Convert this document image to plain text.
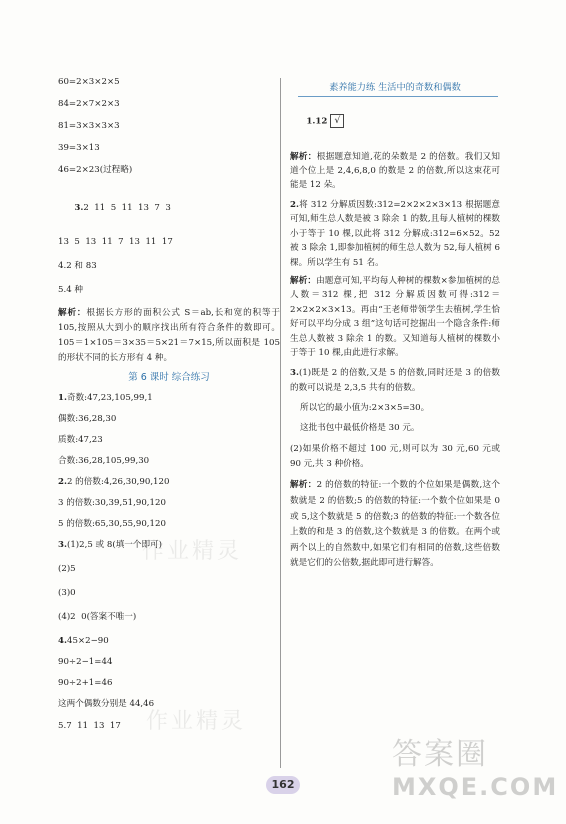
60=2×3×2×5

84=2×7×2×3

81=3×3×3×3

39=3×13

46=2×23(过程略)

3.2  11  5  11  13  7  3

13  5  13  11  7  13  11  17

4.2 和 83

5.4 种

解析：根据长方形的面积公式 S＝ab,长和宽的积等于 105,按照从大到小的顺序找出所有符合条件的数即可。105＝1×105＝3×35＝5×21＝7×15,所以面积是 105 的形状不同的长方形有 4 种。

第 6 课时 综合练习

1.奇数:47,23,105,99,1

偶数:36,28,30

质数:47,23

合数:36,28,105,99,30

2.2 的倍数:4,26,30,90,120

3 的倍数:30,39,51,90,120

5 的倍数:65,30,55,90,120

3.(1)2,5 或 8(填一个即可)

(2)5

(3)0

(4)2  0(答案不唯一)

4.45×2−90

90÷2−1=44

90÷2+1=46

这两个偶数分别是 44,46

5.7  11  13  17

素养能力练 生活中的奇数和偶数

1.12 √

解析：根据题意知道,花的朵数是 2 的倍数。我们又知道个位上是 2,4,6,8,0 的数是 2 的倍数,所以这束花可能是 12 朵。

2.将 312 分解质因数:312=2×2×2×3×13 根据题意可知,师生总人数是被 3 除余 1 的数,且每人植树的棵数小于等于 10 棵,以此将 312 分解成:312=6×52。52 被 3 除余 1,即参加植树的师生总人数为 52,每人植树 6 棵。所以学生有 51 名。

解析：由题意可知,平均每人种树的棵数×参加植树的总人数＝312 棵,把 312 分解质因数可得:312＝2×2×2×3×13。再由“王老师带领学生去植树,学生恰好可以平均分成 3 组”这句话可挖掘出一个隐含条件:师生总人数被 3 除余 1 的数。又知道每人植树的棵数小于等于 10 棵,由此进行求解。

3.(1)既是 2 的倍数,又是 5 的倍数,同时还是 3 的倍数的数可以说是 2,3,5 共有的倍数。

所以它的最小值为:2×3×5=30。

这批书包中最低价格是 30 元。

(2)如果价格不超过 100 元,则可以为 30 元,60 元或 90 元,共 3 种价格。

解析：2 的倍数的特征:一个数的个位如果是偶数,这个数就是 2 的倍数;5 的倍数的特征:一个数个位如果是 0 或 5,这个数就是 5 的倍数;3 的倍数的特征:一个数各位上数的和是 3 的倍数,这个数就是 3 的倍数。在两个或两个以上的自然数中,如果它们有相同的倍数,这些倍数就是它们的公倍数,据此即可进行解答。

作业精灵
作业精灵
162
答案圈
MXQE.COM
